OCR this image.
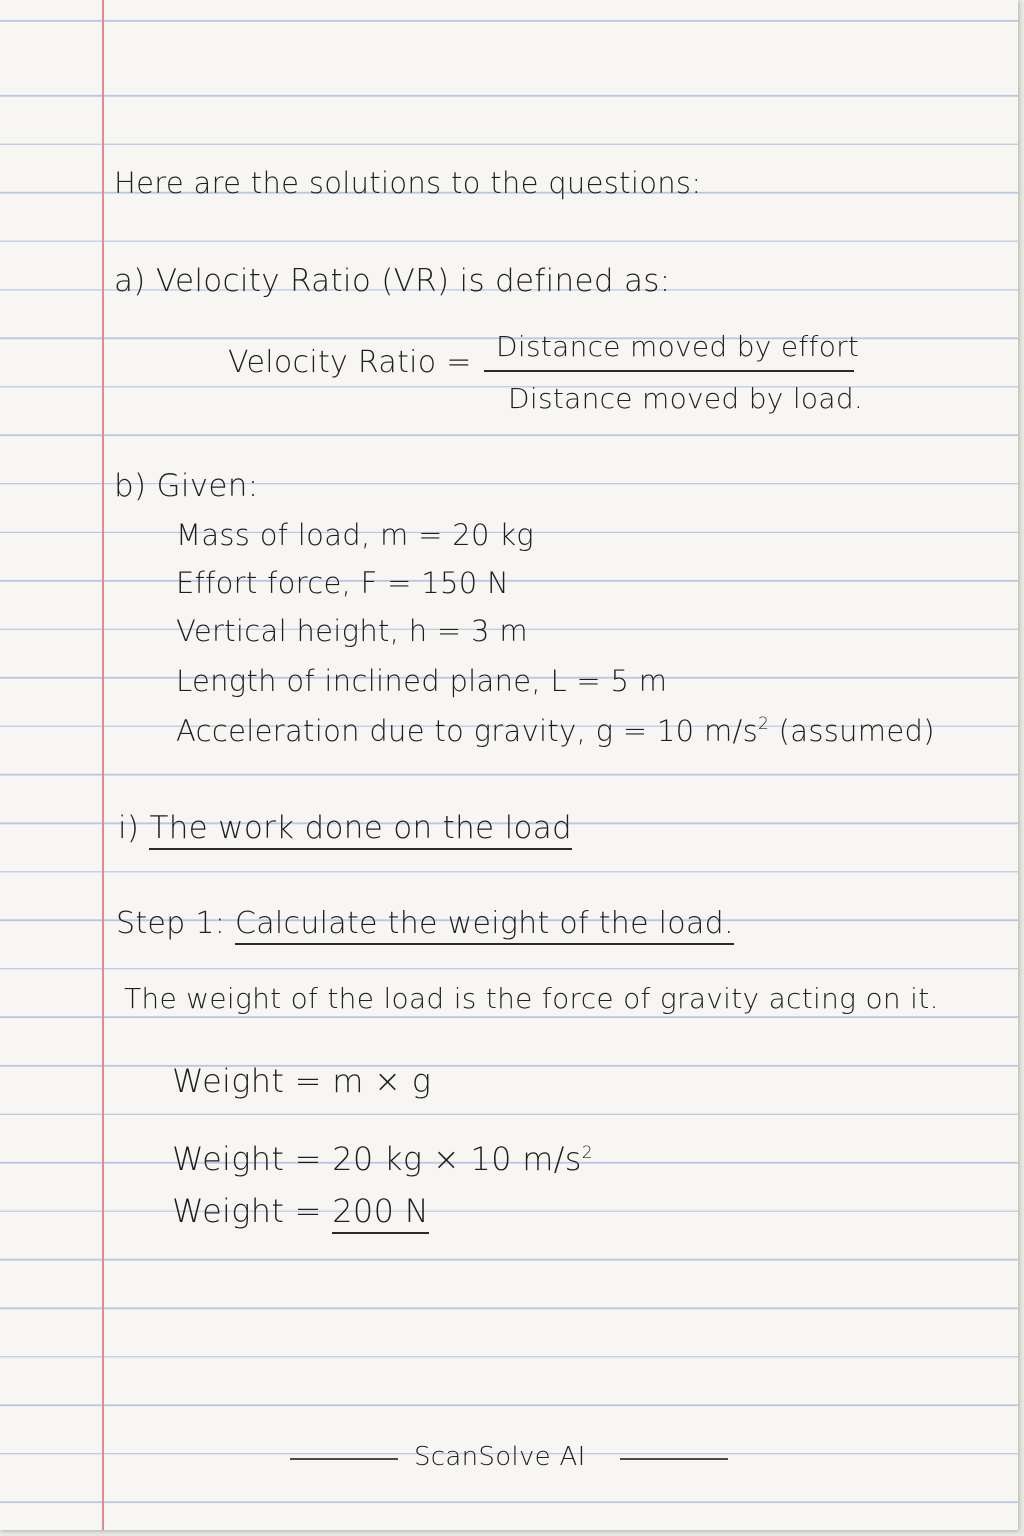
Here are the solutions to the questions:
a) Velocity Ratio (VR) is defined as:
Velocity Ratio = Distance moved by effort
Distance moved by load.
b) Given:
Mass of load, m = 20 kg
Effort force, F = 150 N
Vertical height, h = 3 m
Length of inclined plane, L = 5 m
Acceleration due to gravity, g = 10 $m/s^2$ (assumed)
i) The work done on the load
Step 1: Calculate the weight of the load.
The weight of the load is the force of gravity acting on it.
Weight = m × g
Weight = 20 kg × 10 $m/s^2$
Weight = 200 N
ScanSolve AI
